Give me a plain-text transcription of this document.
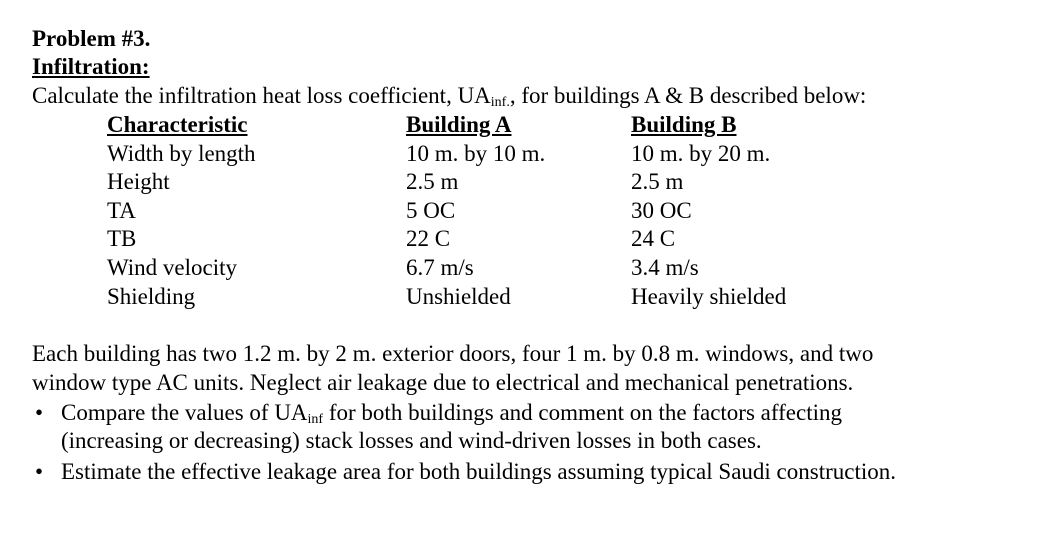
Problem #3.
Infiltration:
Calculate the infiltration heat loss coefficient, $UA_{inf.}$, for buildings A & B described below:
Characteristic	Building A	Building B
Width by length	10 m. by 10 m.	10 m. by 20 m.
Height	2.5 m	2.5 m
TA	5 OC	30 OC
TB	22 C	24 C
Wind velocity	6.7 m/s	3.4 m/s
Shielding	Unshielded	Heavily shielded
Each building has two 1.2 m. by 2 m. exterior doors, four 1 m. by 0.8 m. windows, and two
window type AC units. Neglect air leakage due to electrical and mechanical penetrations.
• Compare the values of $UA_{inf}$ for both buildings and comment on the factors affecting
(increasing or decreasing) stack losses and wind-driven losses in both cases.
• Estimate the effective leakage area for both buildings assuming typical Saudi construction.
